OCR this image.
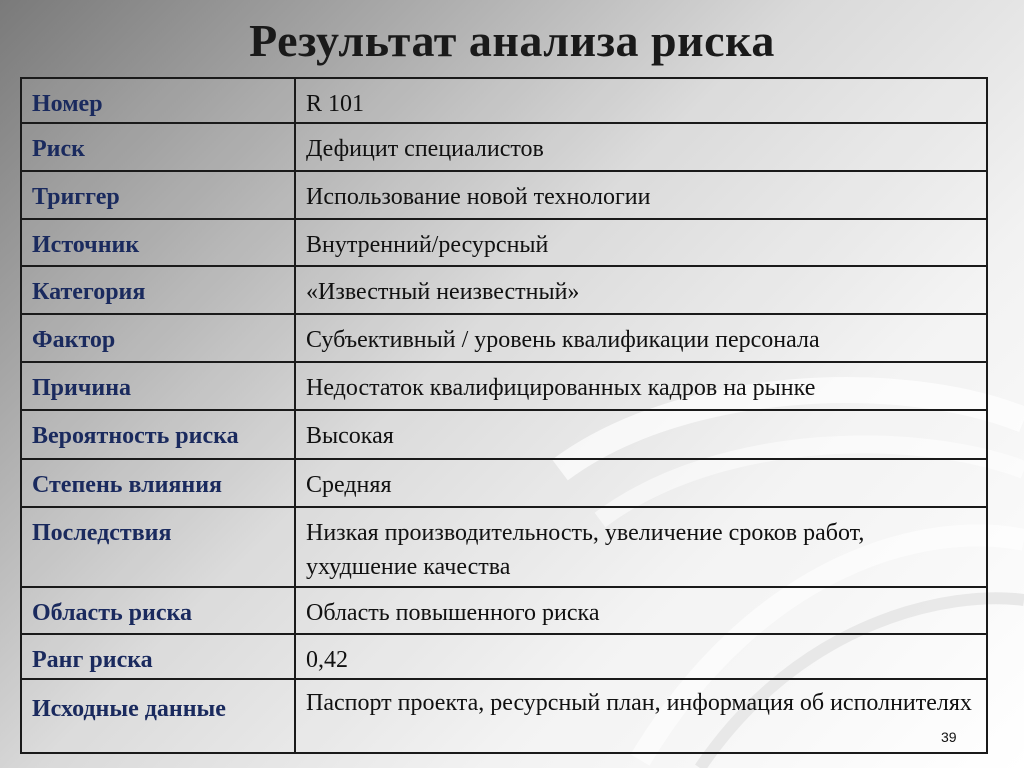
Результат анализа риска
Номер	R 101
Риск	Дефицит специалистов
Триггер	Использование новой технологии
Источник	Внутренний/ресурсный
Категория	«Известный неизвестный»
Фактор	Субъективный / уровень квалификации персонала
Причина	Недостаток квалифицированных кадров на рынке
Вероятность риска	Высокая
Степень влияния	Средняя
Последствия	Низкая производительность, увеличение сроков работ, ухудшение качества
Область риска	Область повышенного риска
Ранг риска	0,42
Исходные данные	Паспорт проекта, ресурсный план, информация об исполнителях
39
